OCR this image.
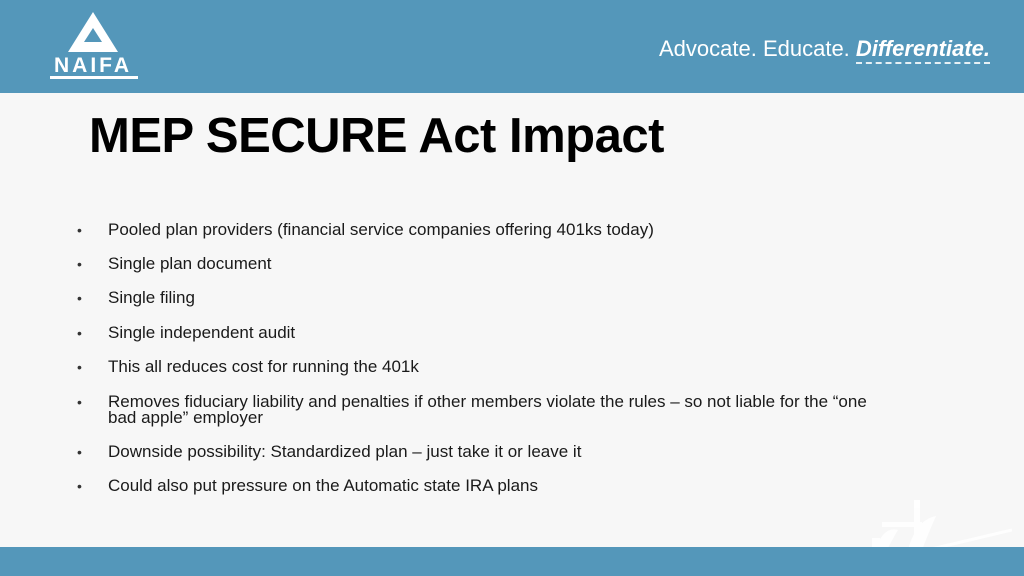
NAIFA
Advocate. Educate. Differentiate.
MEP SECURE Act Impact
• Pooled plan providers (financial service companies offering 401ks today)
• Single plan document
• Single filing
• Single independent audit
• This all reduces cost for running the 401k
• Removes fiduciary liability and penalties if other members violate the rules – so not liable for the “one bad apple” employer
• Downside possibility: Standardized plan – just take it or leave it
• Could also put pressure on the Automatic state IRA plans
